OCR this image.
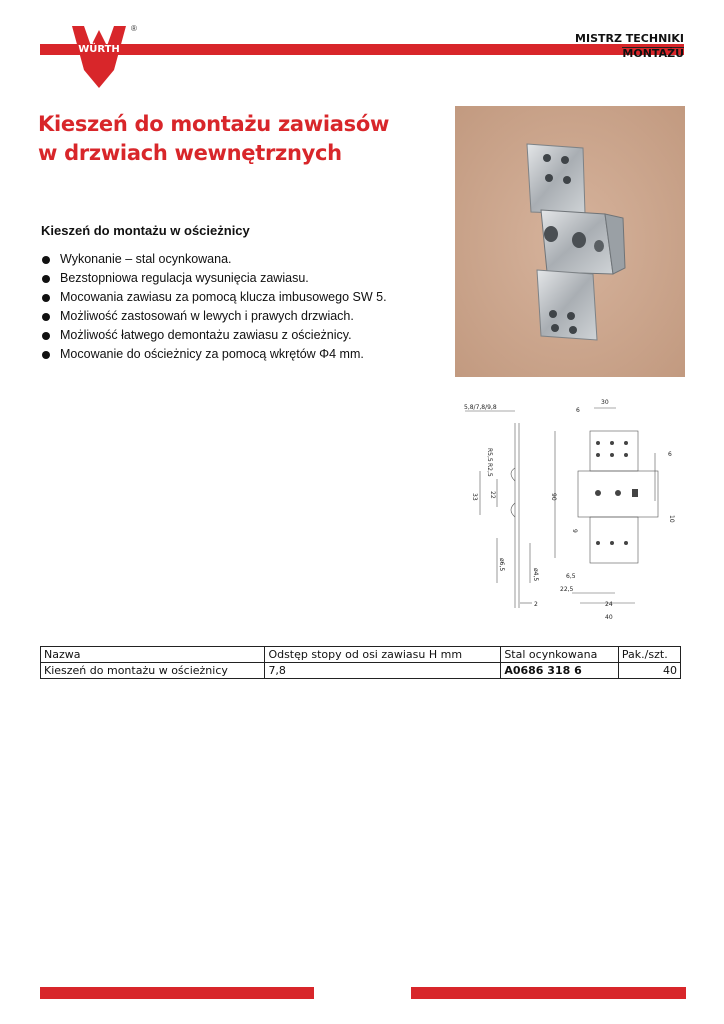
WÜRTH
®
MISTRZ TECHNIKI
MONTAŻU
Kieszeń do montażu zawiasów
w drzwiach wewnętrznych
Kieszeń do montażu w ościeżnicy
Wykonanie – stal ocynkowana.
Bezstopniowa regulacja wysunięcia zawiasu.
Mocowania zawiasu za pomocą klucza imbusowego SW 5.
Możliwość zastosowań w lewych i prawych drzwiach.
Możliwość łatwego demontażu zawiasu z ościeżnicy.
Mocowanie do ościeżnicy za pomocą wkrętów Φ4 mm.
5,8/7,8/9,8
R5,5
R2,5
33 22
ø6,5
ø4,5
2
30
6
6
90
10
9
6,5
22,5
24
40
Nazwa	Odstęp stopy od osi zawiasu H mm	Stal ocynkowana	Pak./szt.
Kieszeń do montażu w ościeżnicy	7,8	A0686 318 6	40
